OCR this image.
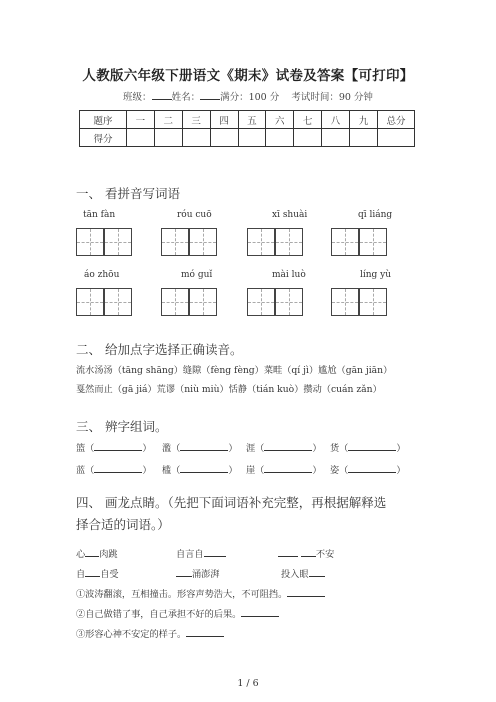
人教版六年级下册语文《期末》试卷及答案【可打印】
班级： 姓名： 满分：100 分 考试时间：90 分钟
题序	一	二	三	四	五	六	七	八	九	总分
得分										
一、 看拼音写词语
tān fàn	róu cuō	xī shuài	qī liáng
áo zhōu	mó guǐ	mài luò	líng yù
二、 给加点字选择正确读音。
流水汤汤（tāng shāng）缝隙（fèng fèng）菜畦（qí jì）尴尬（gān jiān）
戛然而止（gā jiá）荒谬（niù miù）恬静（tián kuò）攒动（cuán zǎn）
三、 辨字组词。
篮（	） 濫（	） 涯（	） 货（	）
蓝（	） 槛（	） 崖（	） 姿（	）
四、 画龙点睛。（先把下面词语补充完整，再根据解释选
择合适的词语。）
心 肉跳	自言自	不安
自 自受	涌澎湃	投入眼
①波涛翻滚，互相撞击。形容声势浩大，不可阻挡。
②自己做错了事，自己承担不好的后果。
③形容心神不安定的样子。
1 / 6
